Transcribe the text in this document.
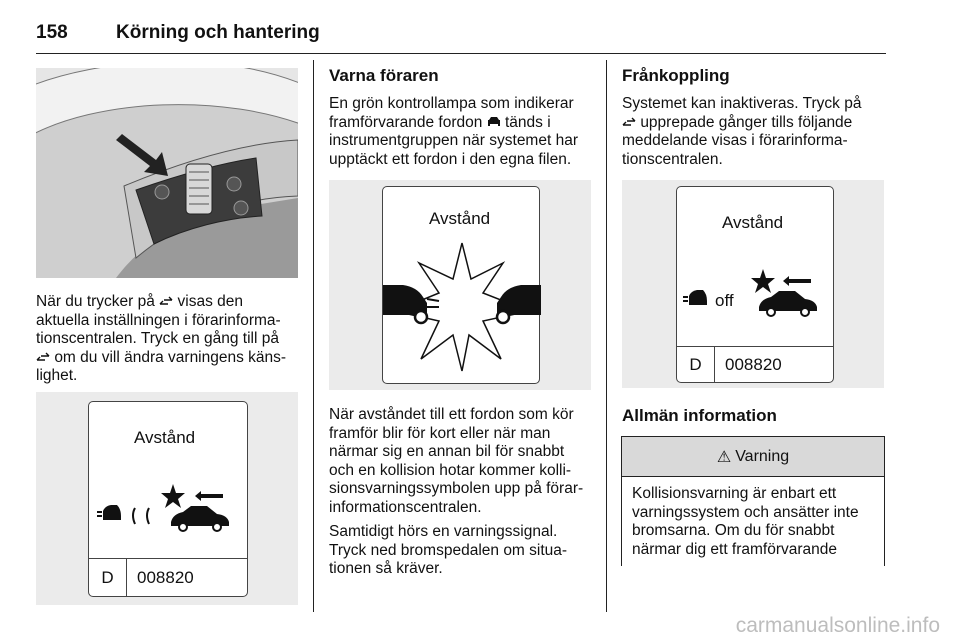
158	Körning och hantering
När du trycker på visas den
aktuella inställningen i förarinforma-
tionscentralen. Tryck en gång till på
om du vill ändra varningens käns-
lighet.
Avstånd
D	008820
Varna föraren
En grön kontrollampa som indikerar
framförvarande fordon tänds i
instrumentgruppen när systemet har
upptäckt ett fordon i den egna filen.
Avstånd

När avståndet till ett fordon som kör
framför blir för kort eller när man
närmar sig en annan bil för snabbt
och en kollision hotar kommer kolli-
sionsvarningssymbolen upp på förar-
informationscentralen.

Samtidigt hörs en varningssignal.
Tryck ned bromspedalen om situa-
tionen så kräver.

Frånkoppling
Systemet kan inaktiveras. Tryck på
upprepade gånger tills följande
meddelande visas i förarinforma-
tionscentralen.
Avstånd
off
D	008820
Allmän information
⚠ Varning
Kollisionsvarning är enbart ett
varningssystem och ansätter inte
bromsarna. Om du för snabbt
närmar dig ett framförvarande
carmanualsonline.info
